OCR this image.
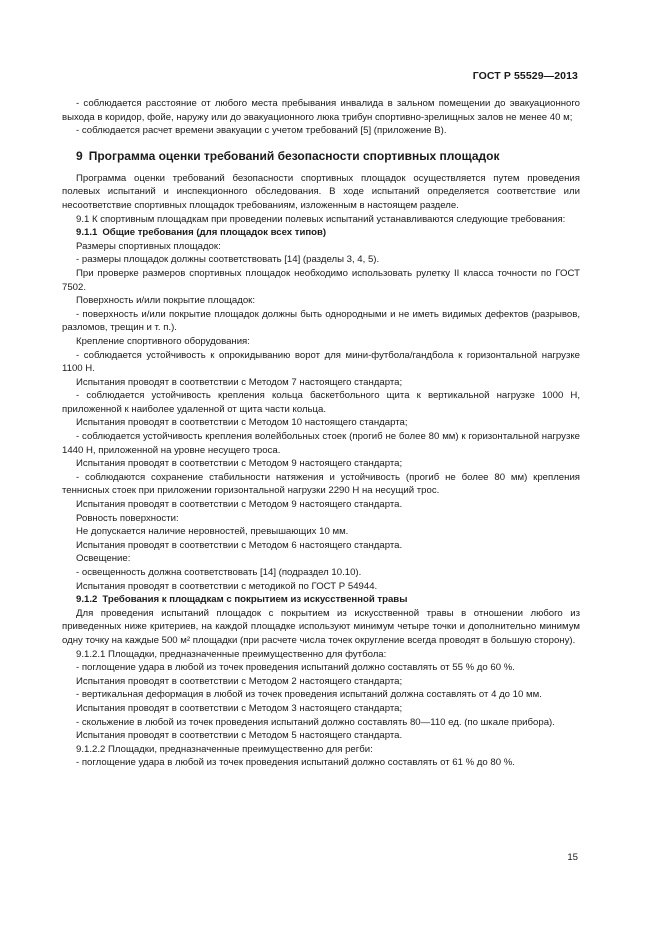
ГОСТ Р 55529—2013

- соблюдается расстояние от любого места пребывания инвалида в зальном помещении до эвакуационного выхода в коридор, фойе, наружу или до эвакуационного люка трибун спортивно-зрелищных залов не менее 40 м;

- соблюдается расчет времени эвакуации с учетом требований [5] (приложение В).

9 Программа оценки требований безопасности спортивных площадок

Программа оценки требований безопасности спортивных площадок осуществляется путем проведения полевых испытаний и инспекционного обследования. В ходе испытаний определяется соответствие или несоответствие спортивных площадок требованиям, изложенным в настоящем разделе.

9.1 К спортивным площадкам при проведении полевых испытаний устанавливаются следующие требования:

9.1.1 Общие требования (для площадок всех типов)

Размеры спортивных площадок:

- размеры площадок должны соответствовать [14] (разделы 3, 4, 5).

При проверке размеров спортивных площадок необходимо использовать рулетку II класса точности по ГОСТ 7502.

Поверхность и/или покрытие площадок:

- поверхность и/или покрытие площадок должны быть однородными и не иметь видимых дефектов (разрывов, разломов, трещин и т. п.).

Крепление спортивного оборудования:

- соблюдается устойчивость к опрокидыванию ворот для мини-футбола/гандбола к горизонтальной нагрузке 1100 Н.

Испытания проводят в соответствии с Методом 7 настоящего стандарта;

- соблюдается устойчивость крепления кольца баскетбольного щита к вертикальной нагрузке 1000 Н, приложенной к наиболее удаленной от щита части кольца.

Испытания проводят в соответствии с Методом 10 настоящего стандарта;

- соблюдается устойчивость крепления волейбольных стоек (прогиб не более 80 мм) к горизонтальной нагрузке 1440 Н, приложенной на уровне несущего троса.

Испытания проводят в соответствии с Методом 9 настоящего стандарта;

- соблюдаются сохранение стабильности натяжения и устойчивость (прогиб не более 80 мм) крепления теннисных стоек при приложении горизонтальной нагрузки 2290 Н на несущий трос.

Испытания проводят в соответствии с Методом 9 настоящего стандарта.

Ровность поверхности:

Не допускается наличие неровностей, превышающих 10 мм.

Испытания проводят в соответствии с Методом 6 настоящего стандарта.

Освещение:

- освещенность должна соответствовать [14] (подраздел 10.10).

Испытания проводят в соответствии с методикой по ГОСТ Р 54944.

9.1.2 Требования к площадкам с покрытием из искусственной травы

Для проведения испытаний площадок с покрытием из искусственной травы в отношении любого из приведенных ниже критериев, на каждой площадке используют минимум четыре точки и дополнительно минимум одну точку на каждые 500 м² площадки (при расчете числа точек округление всегда проводят в большую сторону).

9.1.2.1 Площадки, предназначенные преимущественно для футбола:

- поглощение удара в любой из точек проведения испытаний должно составлять от 55 % до 60 %.

Испытания проводят в соответствии с Методом 2 настоящего стандарта;

- вертикальная деформация в любой из точек проведения испытаний должна составлять от 4 до 10 мм.

Испытания проводят в соответствии с Методом 3 настоящего стандарта;

- скольжение в любой из точек проведения испытаний должно составлять 80—110 ед. (по шкале прибора).

Испытания проводят в соответствии с Методом 5 настоящего стандарта.

9.1.2.2 Площадки, предназначенные преимущественно для регби:

- поглощение удара в любой из точек проведения испытаний должно составлять от 61 % до 80 %.

15
